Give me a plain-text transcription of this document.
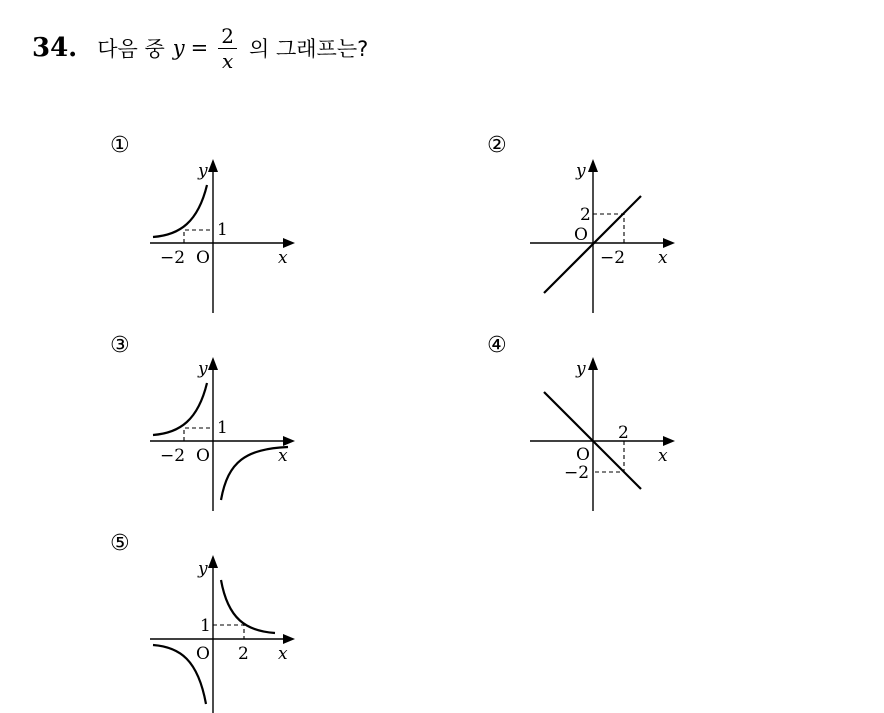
34. 다음 중 $y = \frac{2}{x}$ 의 그래프는?
①
y
x
O
1
−2
②
y
x
O
2
−2
③
y
x
O
1
−2
④
y
x
O
2
−2
⑤
y
x
O
1
2
